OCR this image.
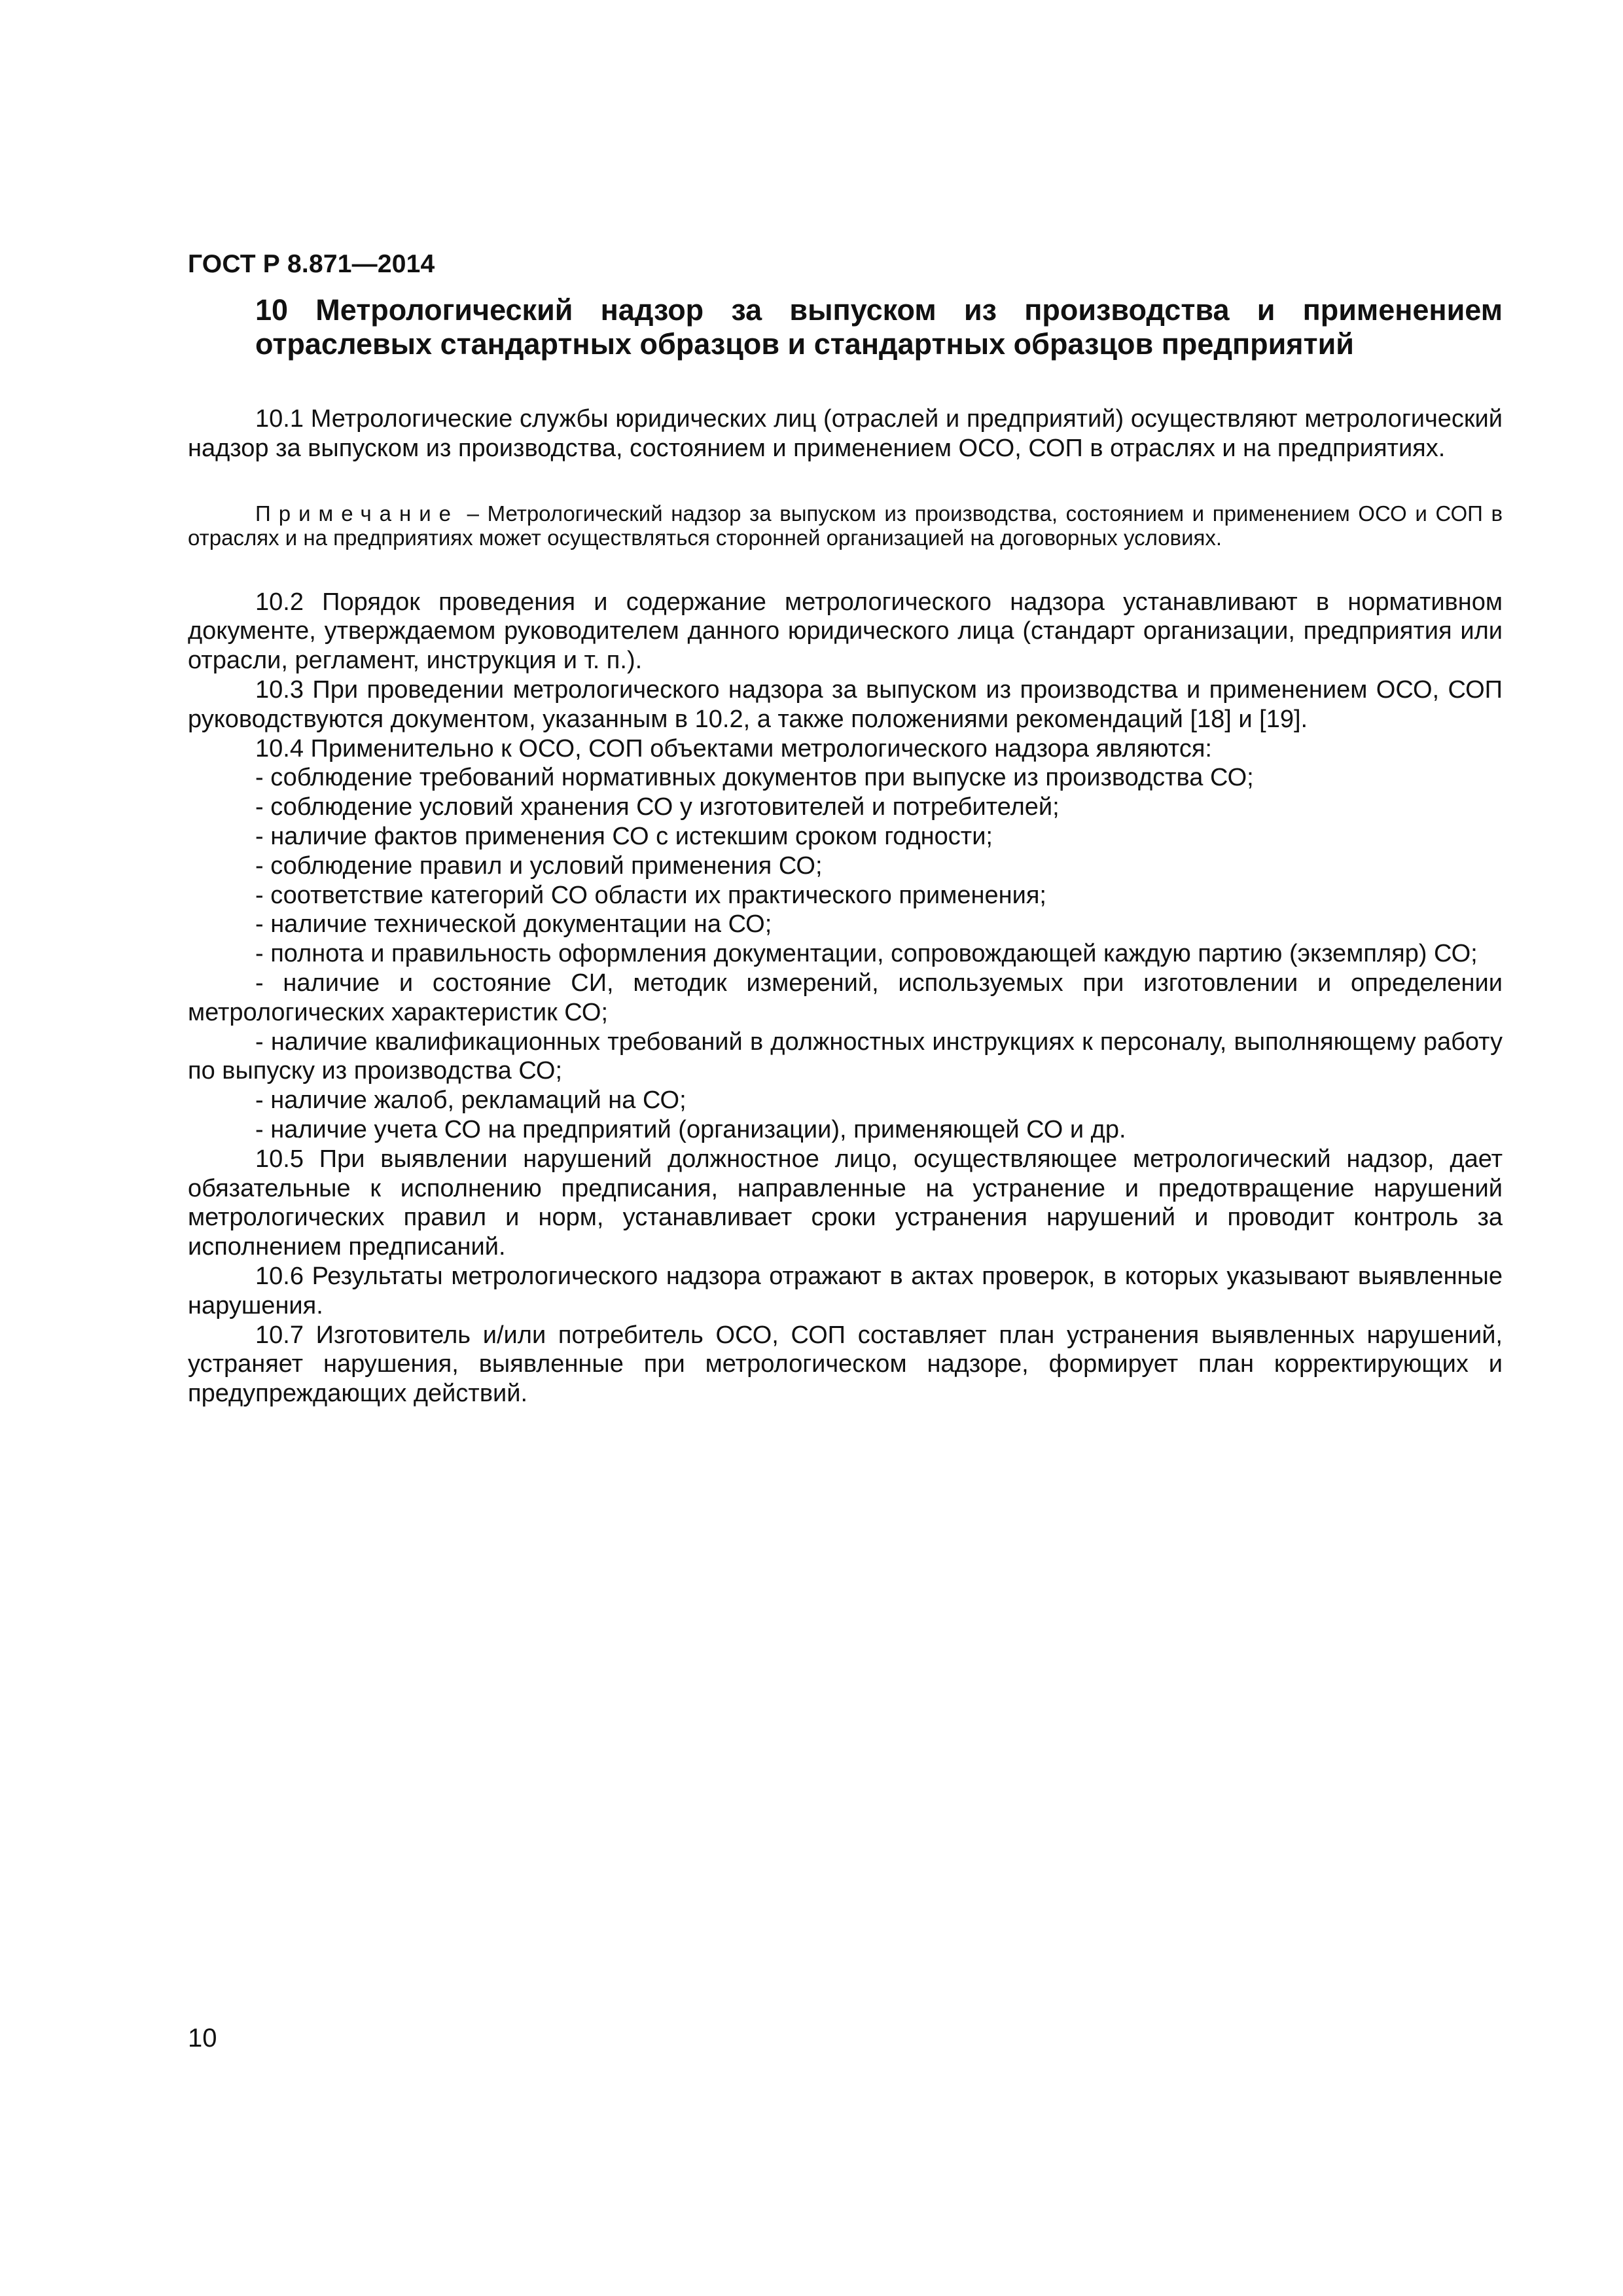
ГОСТ Р 8.871—2014
10 Метрологический надзор за выпуском из производства и применением отраслевых стандартных образцов и стандартных образцов предприятий

10.1 Метрологические службы юридических лиц (отраслей и предприятий) осуществляют метрологический надзор за выпуском из производства, состоянием и применением ОСО, СОП в отраслях и на предприятиях.

Примечание – Метрологический надзор за выпуском из производства, состоянием и применением ОСО и СОП в отраслях и на предприятиях может осуществляться сторонней организацией на договорных условиях.

10.2 Порядок проведения и содержание метрологического надзора устанавливают в нормативном документе, утверждаемом руководителем данного юридического лица (стандарт организации, предприятия или отрасли, регламент, инструкция и т. п.).

10.3 При проведении метрологического надзора за выпуском из производства и применением ОСО, СОП руководствуются документом, указанным в 10.2, а также положениями рекомендаций [18] и [19].

10.4 Применительно к ОСО, СОП объектами метрологического надзора являются:

- соблюдение требований нормативных документов при выпуске из производства СО;
- соблюдение условий хранения СО у изготовителей и потребителей;
- наличие фактов применения СО с истекшим сроком годности;
- соблюдение правил и условий применения СО;
- соответствие категорий СО области их практического применения;
- наличие технической документации на СО;
- полнота и правильность оформления документации, сопровождающей каждую партию (экземпляр) СО;
- наличие и состояние СИ, методик измерений, используемых при изготовлении и определении метрологических характеристик СО;
- наличие квалификационных требований в должностных инструкциях к персоналу, выполняющему работу по выпуску из производства СО;
- наличие жалоб, рекламаций на СО;
- наличие учета СО на предприятий (организации), применяющей СО и др.

10.5 При выявлении нарушений должностное лицо, осуществляющее метрологический надзор, дает обязательные к исполнению предписания, направленные на устранение и предотвращение нарушений метрологических правил и норм, устанавливает сроки устранения нарушений и проводит контроль за исполнением предписаний.

10.6 Результаты метрологического надзора отражают в актах проверок, в которых указывают выявленные нарушения.

10.7 Изготовитель и/или потребитель ОСО, СОП составляет план устранения выявленных нарушений, устраняет нарушения, выявленные при метрологическом надзоре, формирует план корректирующих и предупреждающих действий.

10
